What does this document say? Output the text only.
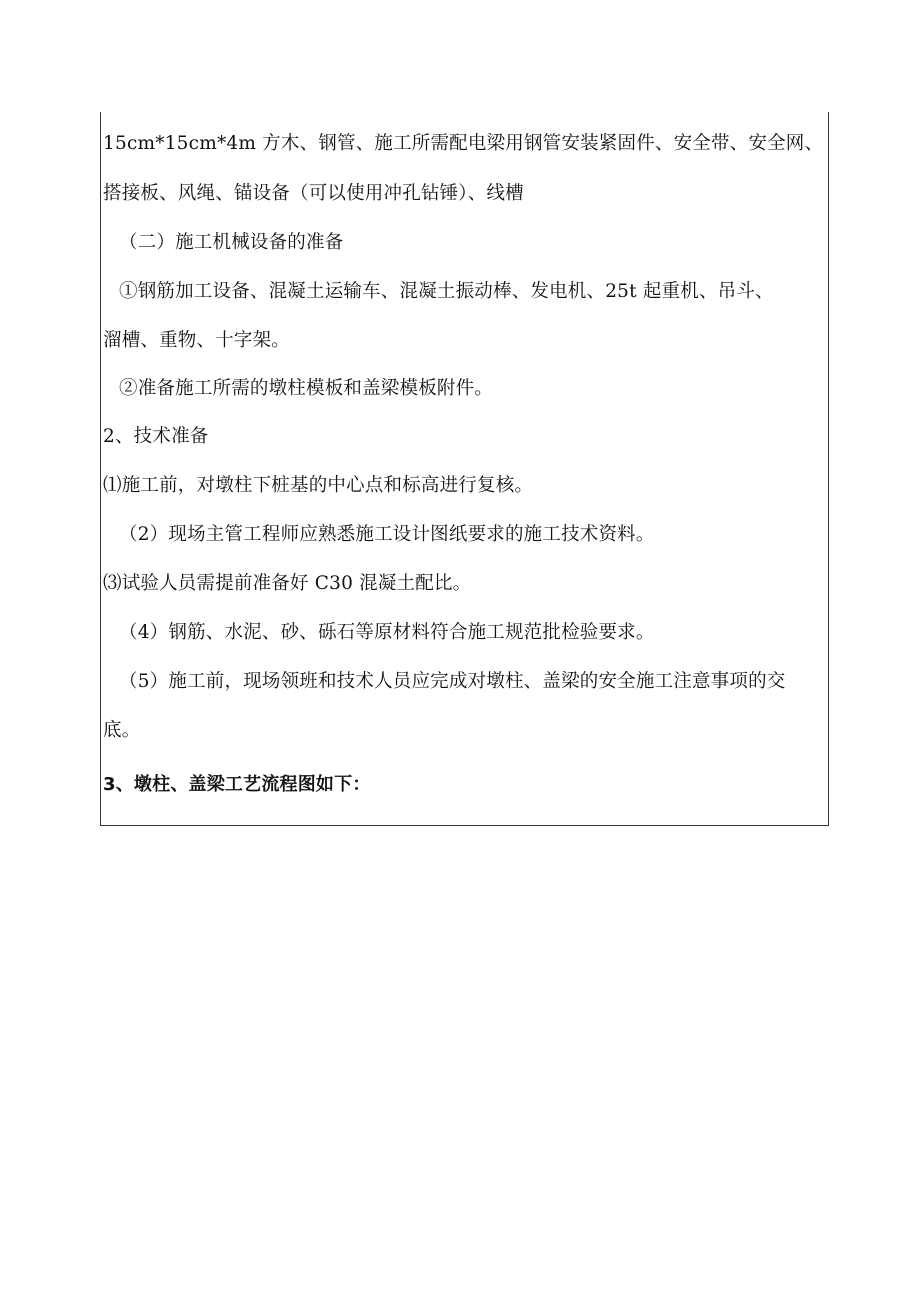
15cm*15cm*4m 方木、钢管、施工所需配电梁用钢管安装紧固件、安全带、安全网、
搭接板、风绳、锚设备（可以使用冲孔钻锤）、线槽
（二）施工机械设备的准备
①钢筋加工设备、混凝土运输车、混凝土振动棒、发电机、25t 起重机、吊斗、
溜槽、重物、十字架。
②准备施工所需的墩柱模板和盖梁模板附件。
2、技术准备
⑴施工前，对墩柱下桩基的中心点和标高进行复核。
（2）现场主管工程师应熟悉施工设计图纸要求的施工技术资料。
⑶试验人员需提前准备好 C30 混凝土配比。
（4）钢筋、水泥、砂、砾石等原材料符合施工规范批检验要求。
（5）施工前，现场领班和技术人员应完成对墩柱、盖梁的安全施工注意事项的交
底。
3、墩柱、盖梁工艺流程图如下：
